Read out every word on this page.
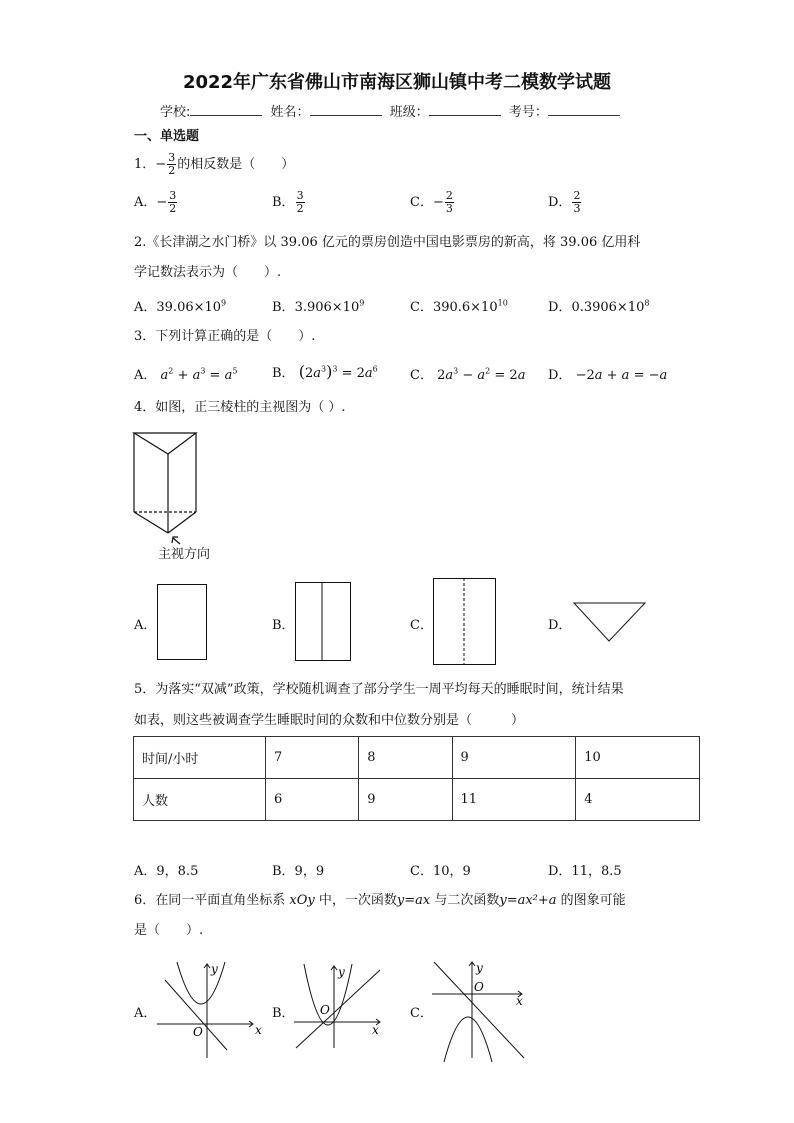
2022年广东省佛山市南海区狮山镇中考二模数学试题
学校:	姓名：	班级：	考号：
一、单选题
1．− $\frac{3}{2}$ 的相反数是（　　）
A．− $\frac{3}{2}$	B． $\frac{3}{2}$	C．− $\frac{2}{3}$	D． $\frac{2}{3}$
2.《长津湖之水门桥》以 39.06 亿元的票房创造中国电影票房的新高，将 39.06 亿用科
学记数法表示为（　　）.
A．$39.06\times 10^9$	B．$3.906\times 10^9$	C．$390.6\times 10^{10}$	D．$0.3906\times 10^8$
3．下列计算正确的是（　　）.
A． $a^2 + a^3 = a^5$	B． $(2a^3)^3 = 2a^6$ C． $2a^3 - a^2 = 2a$ D． −2a + a = −a
4．如图，正三棱柱的主视图为（ ）.
主视方向
A．	B．	C．	D．
5．为落实“双减”政策，学校随机调查了部分学生一周平均每天的睡眠时间，统计结果
如表，则这些被调查学生睡眠时间的众数和中位数分别是（　　　）
时间/小时	7	8	9	10
人数	6	9	11	4
A．9，8.5	B．9，9	C．10，9	D．11，8.5
6．在同一平面直角坐标系 xOy 中，一次函数y=ax 与二次函数y=ax²+a 的图象可能
是（　　）.
A．
x
y
O
B．
x
y
O	C．
x
y
O
